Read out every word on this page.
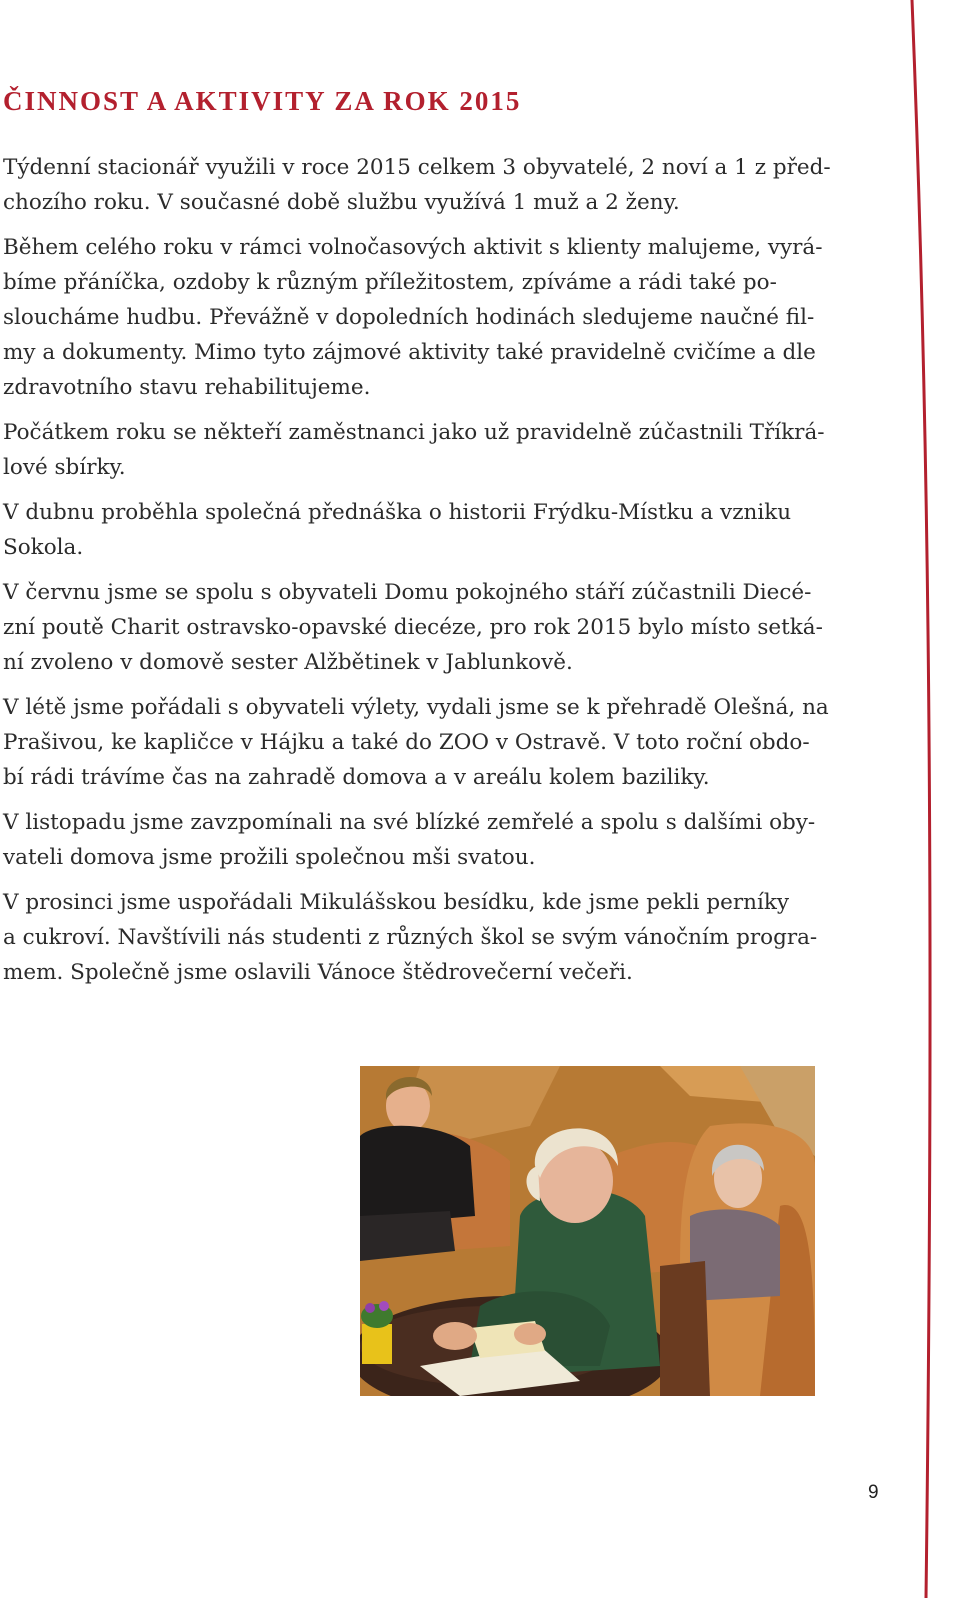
ČINNOST A AKTIVITY ZA ROK 2015

Týdenní stacionář využili v roce 2015 celkem 3 obyvatelé, 2 noví a 1 z před-
chozího roku. V současné době službu využívá 1 muž a 2 ženy.

Během celého roku v rámci volnočasových aktivit s klienty malujeme, vyrá-
bíme přáníčka, ozdoby k různým příležitostem, zpíváme a rádi také po-
sloucháme hudbu. Převážně v dopoledních hodinách sledujeme naučné fil-
my a dokumenty. Mimo tyto zájmové aktivity také pravidelně cvičíme a dle
zdravotního stavu rehabilitujeme.

Počátkem roku se někteří zaměstnanci jako už pravidelně zúčastnili Tříkrá-
lové sbírky.

V dubnu proběhla společná přednáška o historii Frýdku-Místku a vzniku
Sokola.

V červnu jsme se spolu s obyvateli Domu pokojného stáří zúčastnili Diecé-
zní poutě Charit ostravsko-opavské diecéze, pro rok 2015 bylo místo setká-
ní zvoleno v domově sester Alžbětinek v Jablunkově.

V létě jsme pořádali s obyvateli výlety, vydali jsme se k přehradě Olešná, na
Prašivou, ke kapličce v Hájku a také do ZOO v Ostravě. V toto roční obdo-
bí rádi trávíme čas na zahradě domova a v areálu kolem baziliky.

V listopadu jsme zavzpomínali na své blízké zemřelé a spolu s dalšími oby-
vateli domova jsme prožili společnou mši svatou.

V prosinci jsme uspořádali Mikulášskou besídku, kde jsme pekli perníky
a cukroví. Navštívili nás studenti z různých škol se svým vánočním progra-
mem. Společně jsme oslavili Vánoce štědrovečerní večeři.

9
